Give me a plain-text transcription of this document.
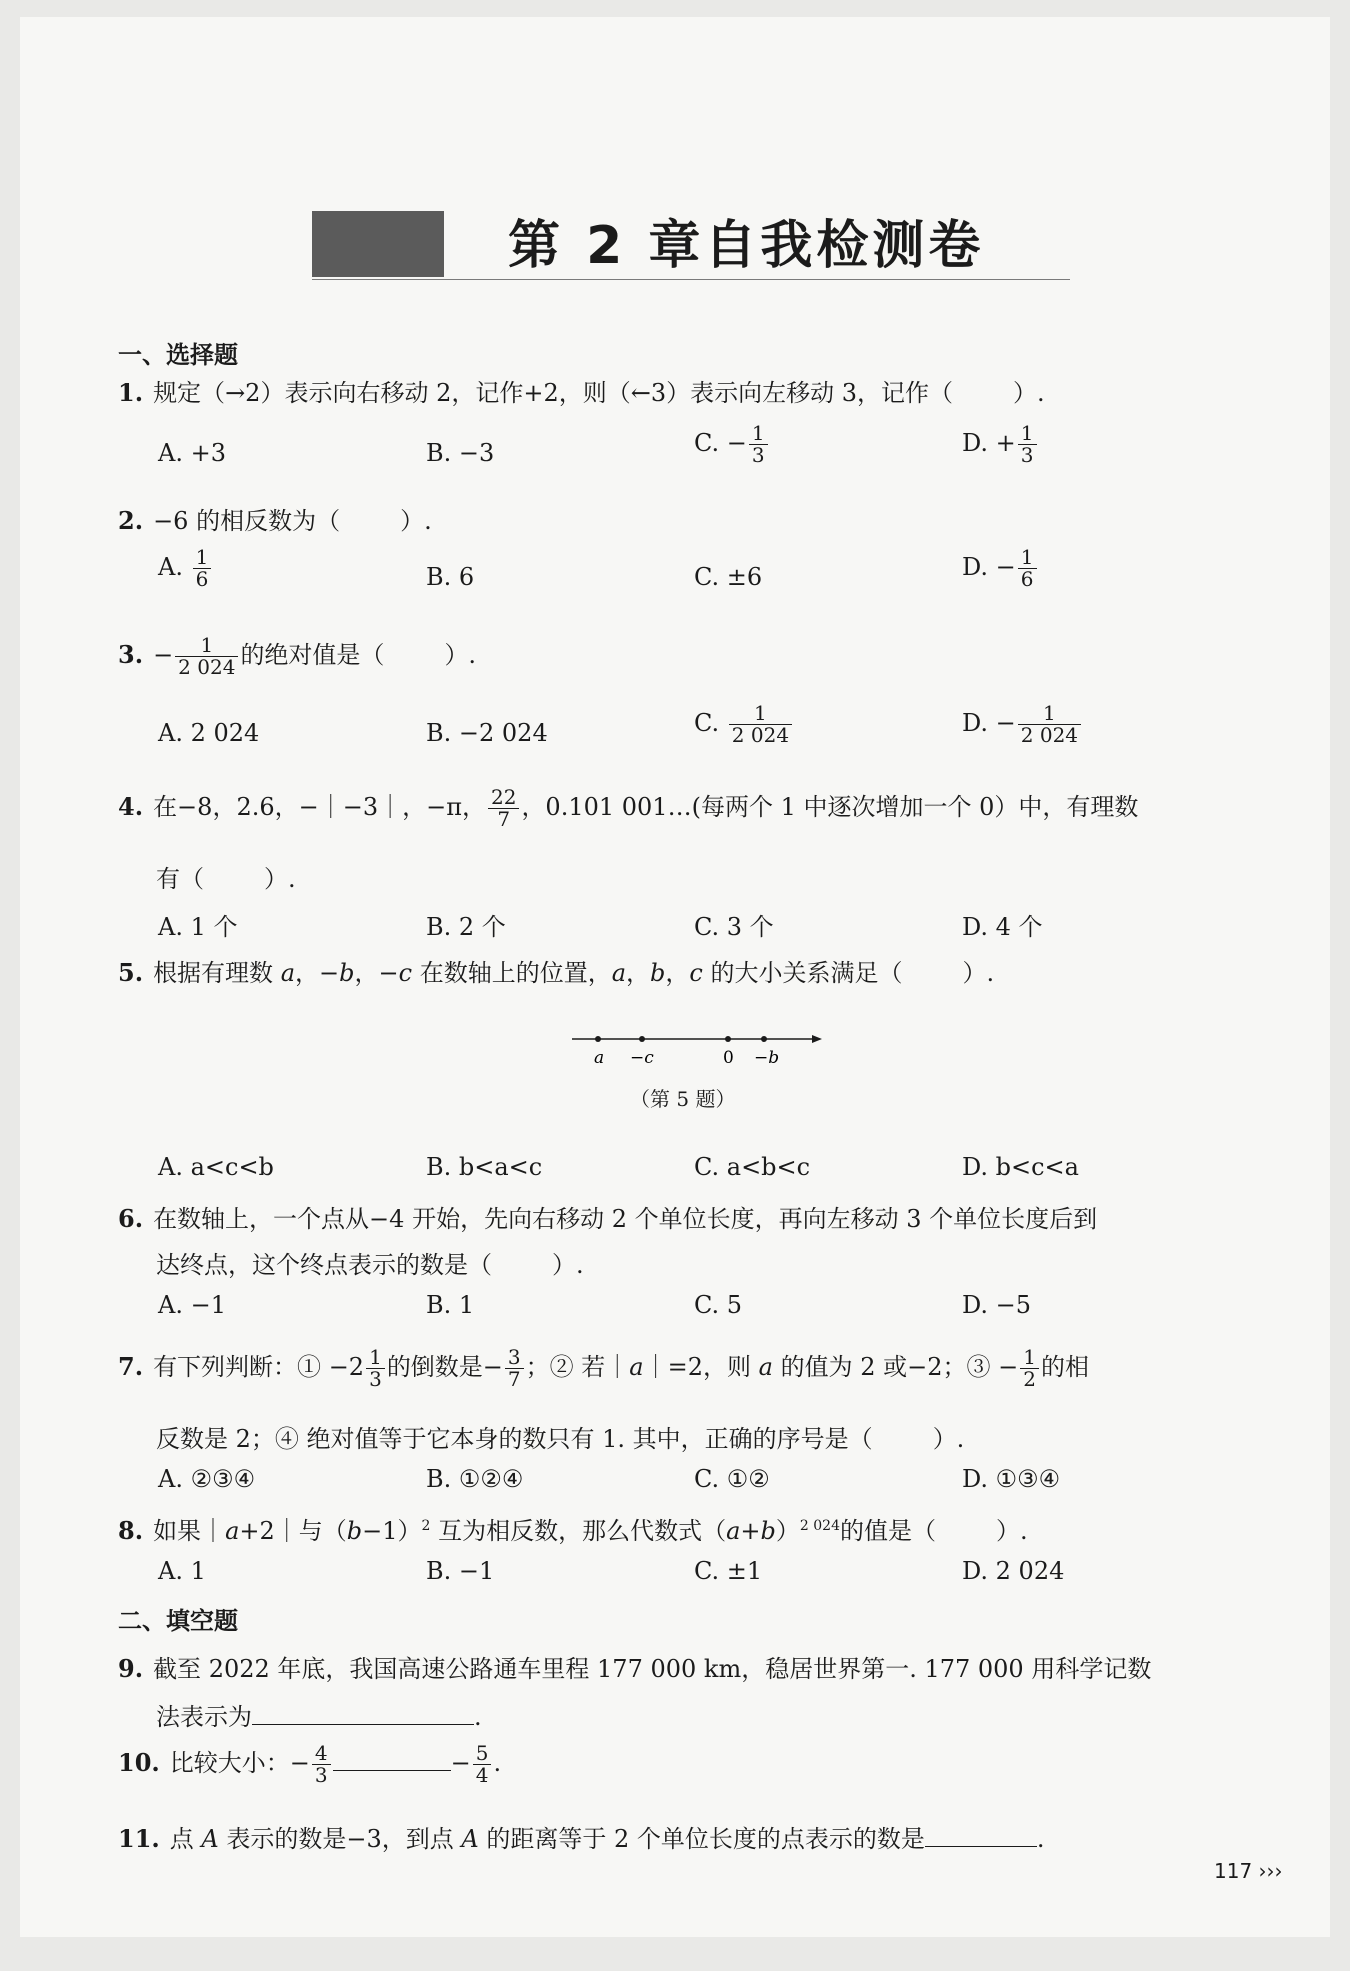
第 2 章自我检测卷
一、选择题
1. 规定（→2）表示向右移动 2，记作+2，则（←3）表示向左移动 3，记作（	）.
A. +3	B. −3	C. − $\frac{1}{3}$	D. + $\frac{1}{3}$
2. −6 的相反数为（	）.
A. $\frac{1}{6}$	B. 6	C. ±6	D. − $\frac{1}{6}$
3. − $\frac{1}{2 024}$ 的绝对值是（	）.
A. 2 024	B. −2 024	C. $\frac{1}{2 024}$	D. − $\frac{1}{2 024}$
4. 在−8，2.6，−｜−3｜，−π， $\frac{22}{7}$ ，0.101 001…(每两个 1 中逐次增加一个 0）中，有理数
有（	）.
A. 1 个	B. 2 个	C. 3 个	D. 4 个
5. 根据有理数 a，−b，−c 在数轴上的位置，a，b，c 的大小关系满足（	）.
a −c	0 −b
（第 5 题）
A. a<c<b	B. b<a<c	C. a<b<c	D. b<c<a
6. 在数轴上，一个点从−4 开始，先向右移动 2 个单位长度，再向左移动 3 个单位长度后到
达终点，这个终点表示的数是（	）.
A. −1	B. 1	C. 5	D. −5
7. 有下列判断：① $-2 \frac{1}{3}$ 的倒数是− $\frac{3}{7}$ ；② 若｜a｜=2，则 a 的值为 2 或−2；③ − $\frac{1}{2}$ 的相
反数是 2；④ 绝对值等于它本身的数只有 1. 其中，正确的序号是（	）.
A. ②③④	B. ①②④	C. ①②	D. ①③④
8. 如果｜a+2｜与$(b-1)^2$ 互为相反数，那么代数式$(a+b)^{2 024}$的值是（	）.
A. 1	B. −1	C. ±1	D. 2 024
二、填空题
9. 截至 2022 年底，我国高速公路通车里程 177 000 km，稳居世界第一. 177 000 用科学记数
法表示为	.
10. 比较大小：− $\frac{4}{3}$	− $\frac{5}{4}$ .
11. 点 A 表示的数是−3，到点 A 的距离等于 2 个单位长度的点表示的数是	.
117 ›››
